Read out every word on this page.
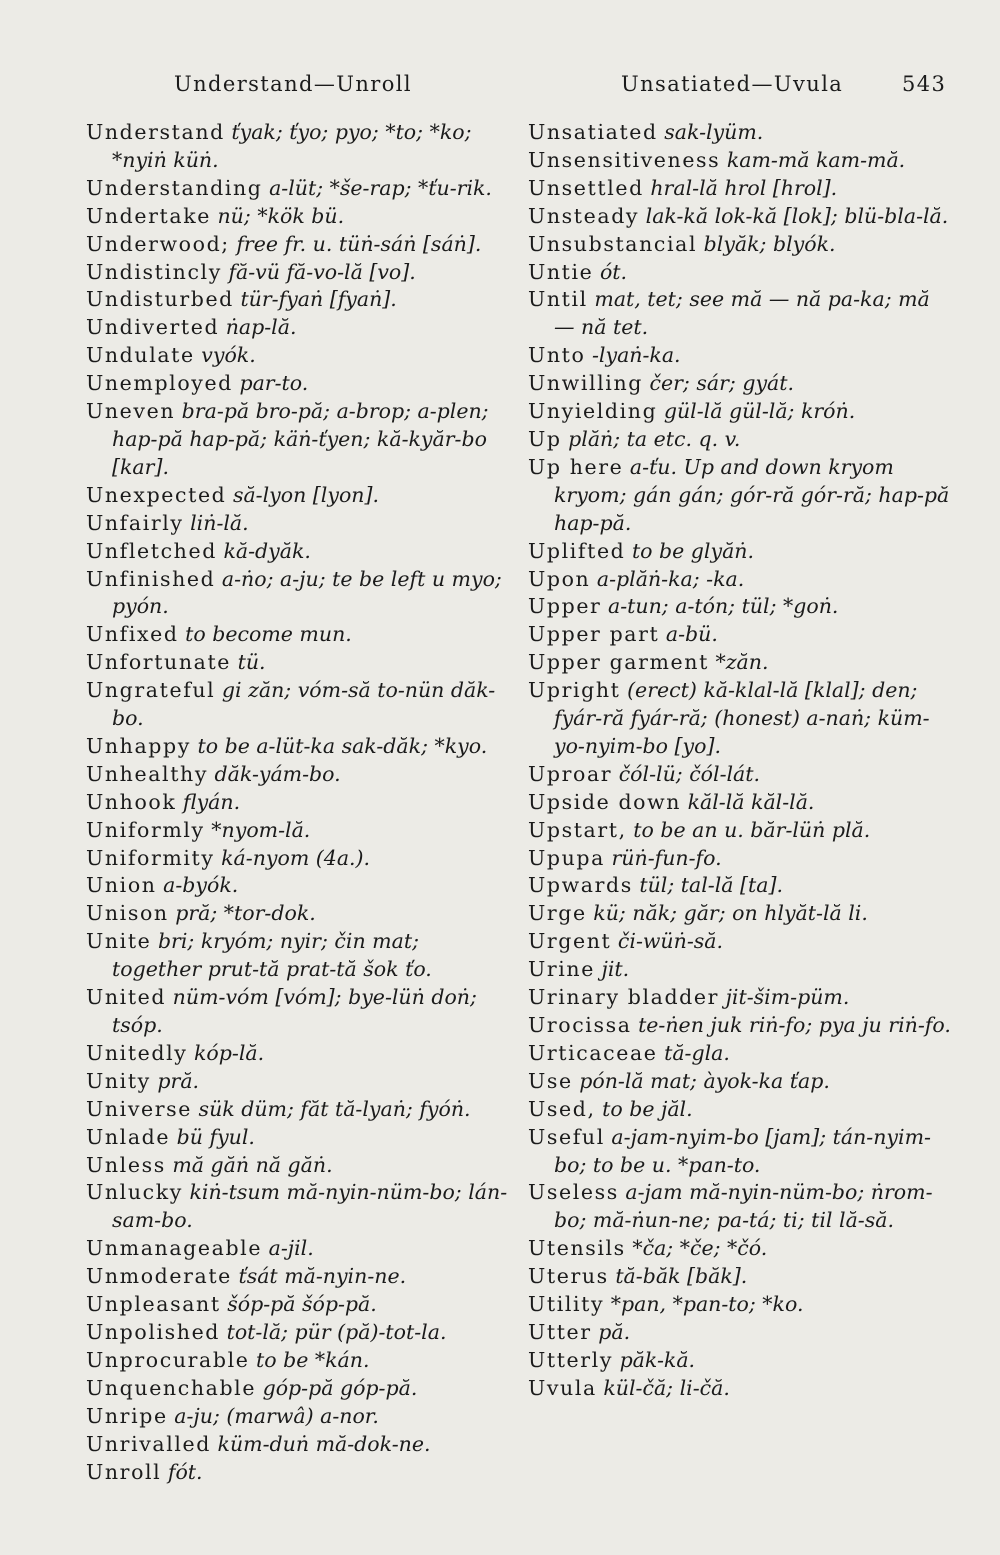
Understand—Unroll	Unsatiated—Uvula	543
Understand ťyak; ťyo; pyo; *to; *ko; *nyiṅ küṅ.
Understanding a-lüt; *še-rap; *ťu-rik.
Undertake nü; *kök bü.
Underwood; free fr. u. tüṅ-sáṅ [sáṅ].
Undistincly fă-vü fă-vo-lă [vo].
Undisturbed tür-fyaṅ [fyaṅ].
Undiverted ṅap-lă.
Undulate vyók.
Unemployed par-to.
Uneven bra-pă bro-pă; a-brop; a-plen; hap-pă hap-pă; käṅ-ťyen; kă-kyăr-bo [kar].
Unexpected să-lyon [lyon].
Unfairly liṅ-lă.
Unfletched kă-dyăk.
Unfinished a-ṅo; a-ju; te be left u myo; pyón.
Unfixed to become mun.
Unfortunate tü.
Ungrateful gi zăn; vóm-să to-nün dăk-bo.
Unhappy to be a-lüt-ka sak-dăk; *kyo.
Unhealthy dăk-yám-bo.
Unhook flyán.
Uniformly *nyom-lă.
Uniformity ká-nyom (4a.).
Union a-byók.
Unison pră; *tor-dok.
Unite bri; kryóm; nyir; čin mat; together prut-tă prat-tă šok ťo.
United nüm-vóm [vóm]; bye-lüṅ doṅ; tsóp.
Unitedly kóp-lă.
Unity pră.
Universe sük düm; făt tă-lyaṅ; fyóṅ.
Unlade bü fyul.
Unless mă găṅ nă găṅ.
Unlucky kiṅ-tsum mă-nyin-nüm-bo; lán-sam-bo.
Unmanageable a-jil.
Unmoderate ťsát mă-nyin-ne.
Unpleasant šóp-pă šóp-pă.
Unpolished tot-lă; pür (pă)-tot-la.
Unprocurable to be *kán.
Unquenchable góp-pă góp-pă.
Unripe a-ju; (marwâ) a-nor.
Unrivalled küm-duṅ mă-dok-ne.
Unroll fót.
Unsatiated sak-lyüm.
Unsensitiveness kam-mă kam-mă.
Unsettled hral-lă hrol [hrol].
Unsteady lak-kă lok-kă [lok]; blü-bla-lă.
Unsubstancial blyăk; blyók.
Untie ót.
Until mat, tet; see mă — nă pa-ka; mă — nă tet.
Unto -lyaṅ-ka.
Unwilling čer; sár; gyát.
Unyielding gül-lă gül-lă; króṅ.
Up plăṅ; ta etc. q. v.
Up here a-ťu. Up and down kryom kryom; gán gán; gór-ră gór-ră; hap-pă hap-pă.
Uplifted to be glyăṅ.
Upon a-plăṅ-ka; -ka.
Upper a-tun; a-tón; tül; *goṅ.
Upper part a-bü.
Upper garment *zăn.
Upright (erect) kă-klal-lă [klal]; den; fyár-ră fyár-ră; (honest) a-naṅ; küm-yo-nyim-bo [yo].
Uproar čól-lü; čól-lát.
Upside down kăl-lă kăl-lă.
Upstart, to be an u. băr-lüṅ plă.
Upupa rüṅ-fun-fo.
Upwards tül; tal-lă [ta].
Urge kü; năk; găr; on hlyăt-lă li.
Urgent či-wüṅ-să.
Urine jit.
Urinary bladder jit-šim-püm.
Urocissa te-ṅen juk riṅ-fo; pya ju riṅ-fo.
Urticaceae tă-gla.
Use pón-lă mat; àyok-ka ťap.
Used, to be jăl.
Useful a-jam-nyim-bo [jam]; tán-nyim-bo; to be u. *pan-to.
Useless a-jam mă-nyin-nüm-bo; ṅrom-bo; mă-ṅun-ne; pa-tá; ti; til lă-să.
Utensils *ča; *če; *čó.
Uterus tă-băk [băk].
Utility *pan, *pan-to; *ko.
Utter pă.
Utterly păk-kă.
Uvula kül-čă; li-čă.
